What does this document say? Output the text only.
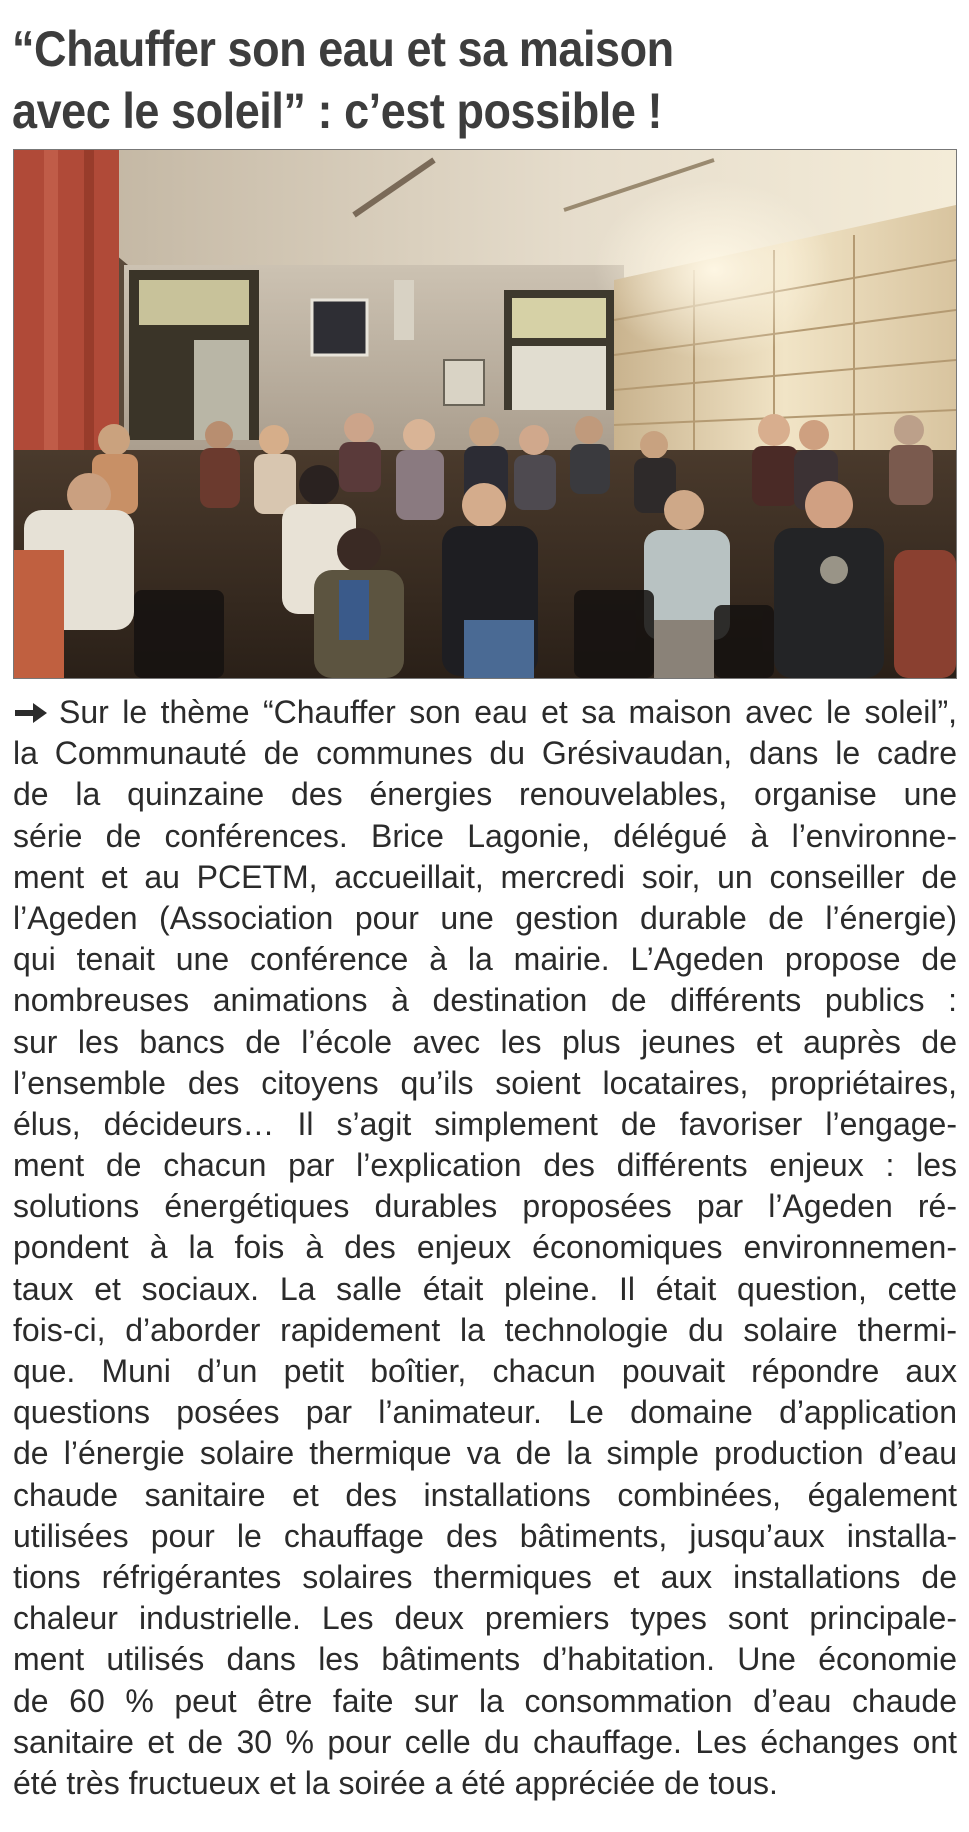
“Chauffer son eau et sa maison
avec le soleil” : c’est possible !
Sur le thème “Chauffer son eau et sa maison avec le soleil”,
la Communauté de communes du Grésivaudan, dans le cadre
de la quinzaine des énergies renouvelables, organise une
série de conférences. Brice Lagonie, délégué à l’environne-
ment et au PCETM, accueillait, mercredi soir, un conseiller de
l’Ageden (Association pour une gestion durable de l’énergie)
qui tenait une conférence à la mairie. L’Ageden propose de
nombreuses animations à destination de différents publics :
sur les bancs de l’école avec les plus jeunes et auprès de
l’ensemble des citoyens qu’ils soient locataires, propriétaires,
élus, décideurs… Il s’agit simplement de favoriser l’engage-
ment de chacun par l’explication des différents enjeux : les
solutions énergétiques durables proposées par l’Ageden ré-
pondent à la fois à des enjeux économiques environnemen-
taux et sociaux. La salle était pleine. Il était question, cette
fois-ci, d’aborder rapidement la technologie du solaire thermi-
que. Muni d’un petit boîtier, chacun pouvait répondre aux
questions posées par l’animateur. Le domaine d’application
de l’énergie solaire thermique va de la simple production d’eau
chaude sanitaire et des installations combinées, également
utilisées pour le chauffage des bâtiments, jusqu’aux installa-
tions réfrigérantes solaires thermiques et aux installations de
chaleur industrielle. Les deux premiers types sont principale-
ment utilisés dans les bâtiments d’habitation. Une économie
de 60 % peut être faite sur la consommation d’eau chaude
sanitaire et de 30 % pour celle du chauffage. Les échanges ont
été très fructueux et la soirée a été appréciée de tous.
